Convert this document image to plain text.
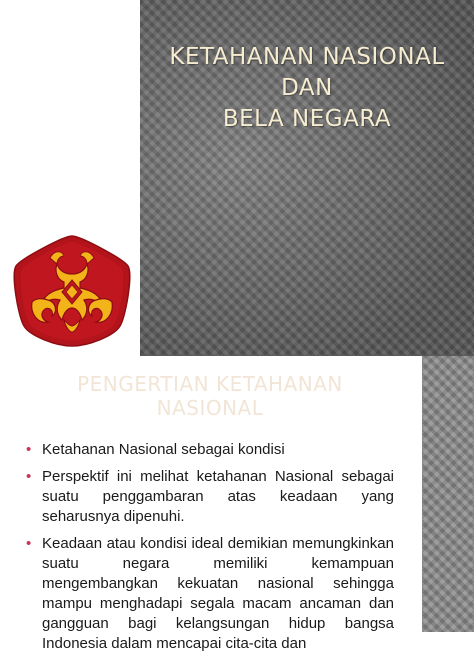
KETAHANAN NASIONAL
DAN
BELA NEGARA
PENGERTIAN KETAHANAN
NASIONAL
• Ketahanan Nasional sebagai kondisi
• Perspektif ini melihat ketahanan Nasional sebagai suatu penggambaran atas keadaan yang seharusnya dipenuhi.
• Keadaan atau kondisi ideal demikian memungkinkan suatu negara memiliki kemampuan mengembangkan kekuatan nasional sehingga mampu menghadapi segala macam ancaman dan gangguan bagi kelangsungan hidup bangsa Indonesia dalam mencapai cita-cita dan
